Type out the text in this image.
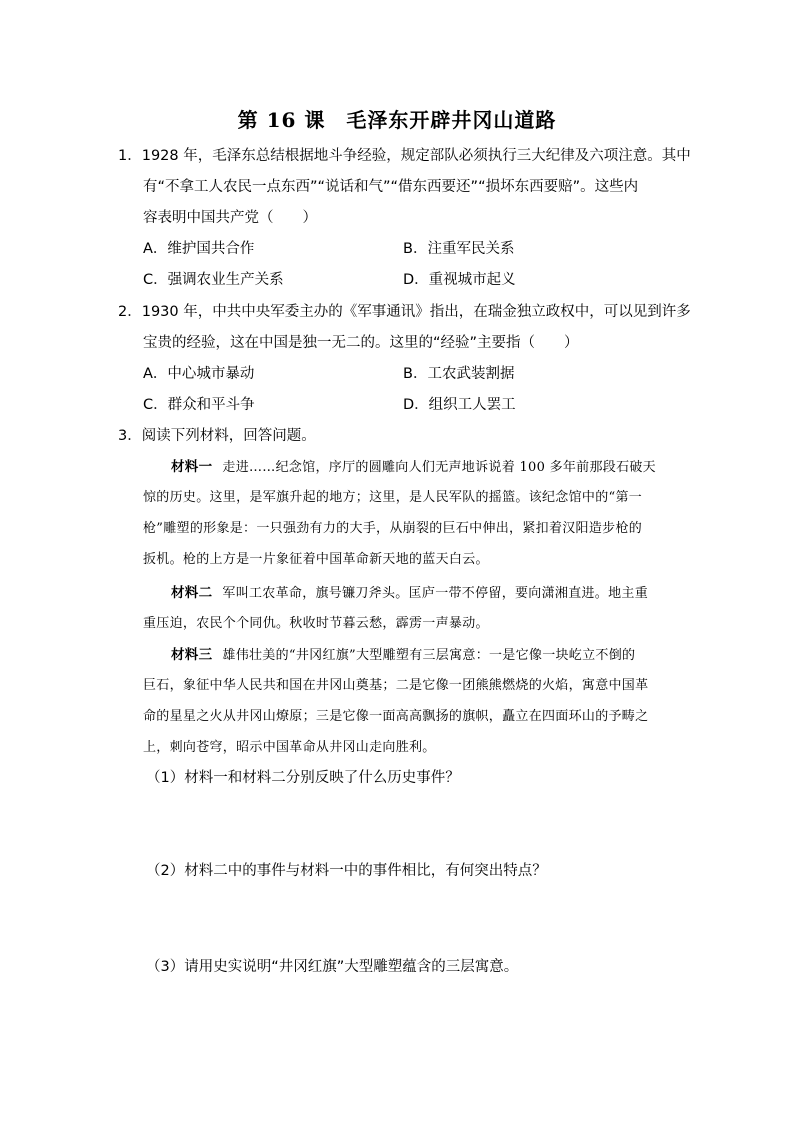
第 16 课　毛泽东开辟井冈山道路
1．1928 年，毛泽东总结根据地斗争经验，规定部队必须执行三大纪律及六项注意。其中
有“不拿工人农民一点东西”“说话和气”“借东西要还”“损坏东西要赔”。这些内
容表明中国共产党（　　）
A．维护国共合作	B．注重军民关系
C．强调农业生产关系	D．重视城市起义
2．1930 年，中共中央军委主办的《军事通讯》指出，在瑞金独立政权中，可以见到许多
宝贵的经验，这在中国是独一无二的。这里的“经验”主要指（　　）
A．中心城市暴动	B．工农武装割据
C．群众和平斗争	D．组织工人罢工
3．阅读下列材料，回答问题。
材料一 走进……纪念馆，序厅的圆雕向人们无声地诉说着 100 多年前那段石破天
惊的历史。这里，是军旗升起的地方；这里，是人民军队的摇篮。该纪念馆中的“第一
枪”雕塑的形象是：一只强劲有力的大手，从崩裂的巨石中伸出，紧扣着汉阳造步枪的
扳机。枪的上方是一片象征着中国革命新天地的蓝天白云。
材料二 军叫工农革命，旗号镰刀斧头。匡庐一带不停留，要向潇湘直进。地主重
重压迫，农民个个同仇。秋收时节暮云愁，霹雳一声暴动。
材料三 雄伟壮美的“井冈红旗”大型雕塑有三层寓意：一是它像一块屹立不倒的
巨石，象征中华人民共和国在井冈山奠基；二是它像一团熊熊燃烧的火焰，寓意中国革
命的星星之火从井冈山燎原；三是它像一面高高飘扬的旗帜，矗立在四面环山的予畴之
上，刺向苍穹，昭示中国革命从井冈山走向胜利。
（1）材料一和材料二分别反映了什么历史事件？
（2）材料二中的事件与材料一中的事件相比，有何突出特点？
（3）请用史实说明“井冈红旗”大型雕塑蕴含的三层寓意。
